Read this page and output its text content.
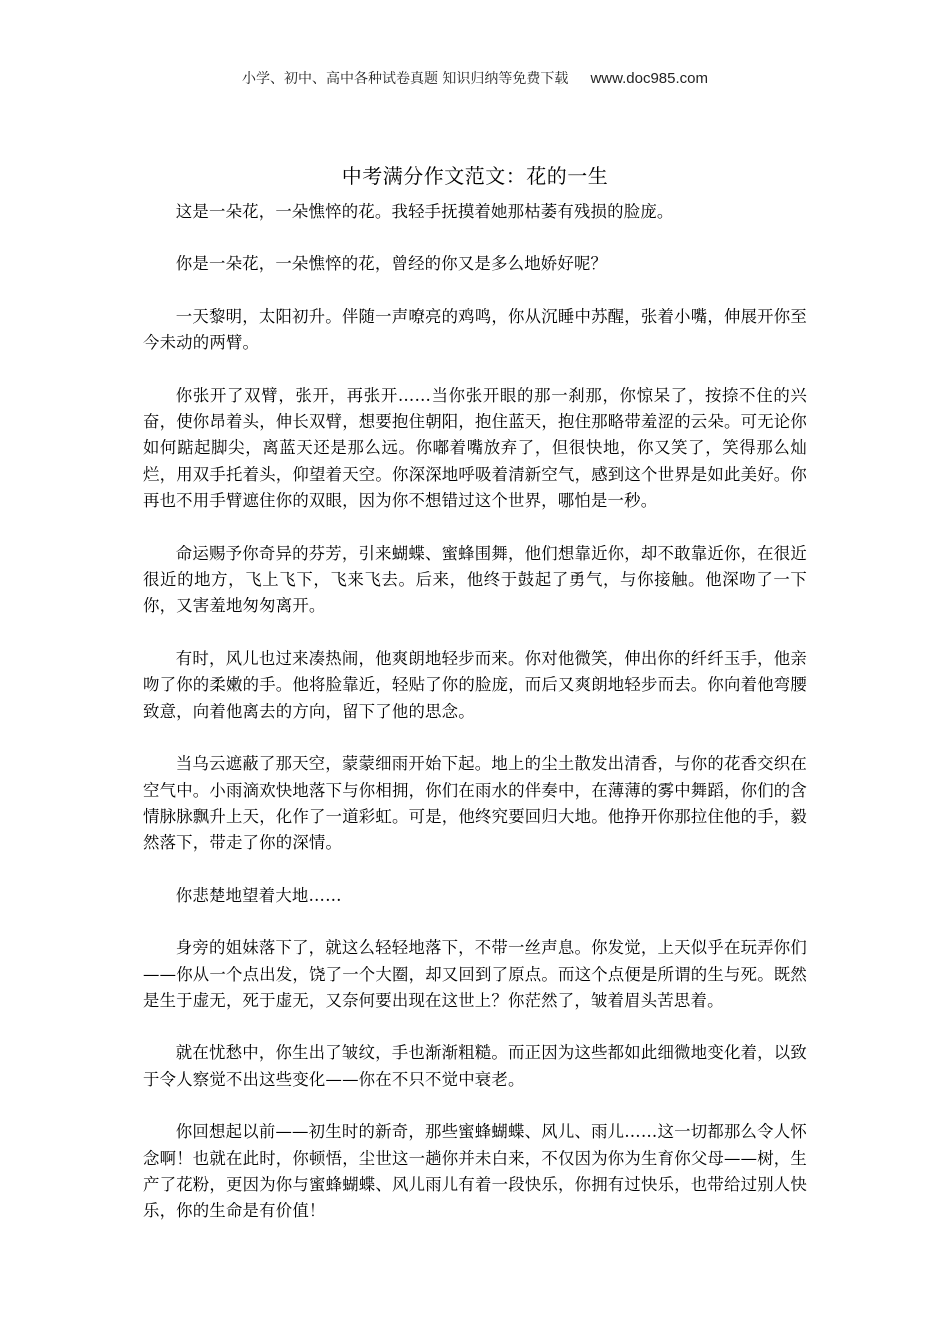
小学、初中、高中各种试卷真题 知识归纳等免费下载 www.doc985.com
中考满分作文范文：花的一生

这是一朵花，一朵憔悴的花。我轻手抚摸着她那枯萎有残损的脸庞。

你是一朵花，一朵憔悴的花，曾经的你又是多么地娇好呢？

一天黎明，太阳初升。伴随一声嘹亮的鸡鸣，你从沉睡中苏醒，张着小嘴，伸展开你至今未动的两臂。

你张开了双臂，张开，再张开……当你张开眼的那一刹那，你惊呆了，按捺不住的兴奋，使你昂着头，伸长双臂，想要抱住朝阳，抱住蓝天，抱住那略带羞涩的云朵。可无论你如何踮起脚尖，离蓝天还是那么远。你嘟着嘴放弃了，但很快地，你又笑了，笑得那么灿烂，用双手托着头，仰望着天空。你深深地呼吸着清新空气，感到这个世界是如此美好。你再也不用手臂遮住你的双眼，因为你不想错过这个世界，哪怕是一秒。

命运赐予你奇异的芬芳，引来蝴蝶、蜜蜂围舞，他们想靠近你，却不敢靠近你，在很近很近的地方，飞上飞下，飞来飞去。后来，他终于鼓起了勇气，与你接触。他深吻了一下你，又害羞地匆匆离开。

有时，风儿也过来凑热闹，他爽朗地轻步而来。你对他微笑，伸出你的纤纤玉手，他亲吻了你的柔嫩的手。他将脸靠近，轻贴了你的脸庞，而后又爽朗地轻步而去。你向着他弯腰致意，向着他离去的方向，留下了他的思念。

当乌云遮蔽了那天空，蒙蒙细雨开始下起。地上的尘土散发出清香，与你的花香交织在空气中。小雨滴欢快地落下与你相拥，你们在雨水的伴奏中，在薄薄的雾中舞蹈，你们的含情脉脉飘升上天，化作了一道彩虹。可是，他终究要回归大地。他挣开你那拉住他的手，毅然落下，带走了你的深情。

你悲楚地望着大地……

身旁的姐妹落下了，就这么轻轻地落下，不带一丝声息。你发觉，上天似乎在玩弄你们——你从一个点出发，饶了一个大圈，却又回到了原点。而这个点便是所谓的生与死。既然是生于虚无，死于虚无，又奈何要出现在这世上？你茫然了，皱着眉头苦思着。

就在忧愁中，你生出了皱纹，手也渐渐粗糙。而正因为这些都如此细微地变化着，以致于令人察觉不出这些变化——你在不只不觉中衰老。

你回想起以前——初生时的新奇，那些蜜蜂蝴蝶、风儿、雨儿……这一切都那么令人怀念啊！也就在此时，你顿悟，尘世这一趟你并未白来，不仅因为你为生育你父母——树，生产了花粉，更因为你与蜜蜂蝴蝶、风儿雨儿有着一段快乐，你拥有过快乐，也带给过别人快乐，你的生命是有价值！
